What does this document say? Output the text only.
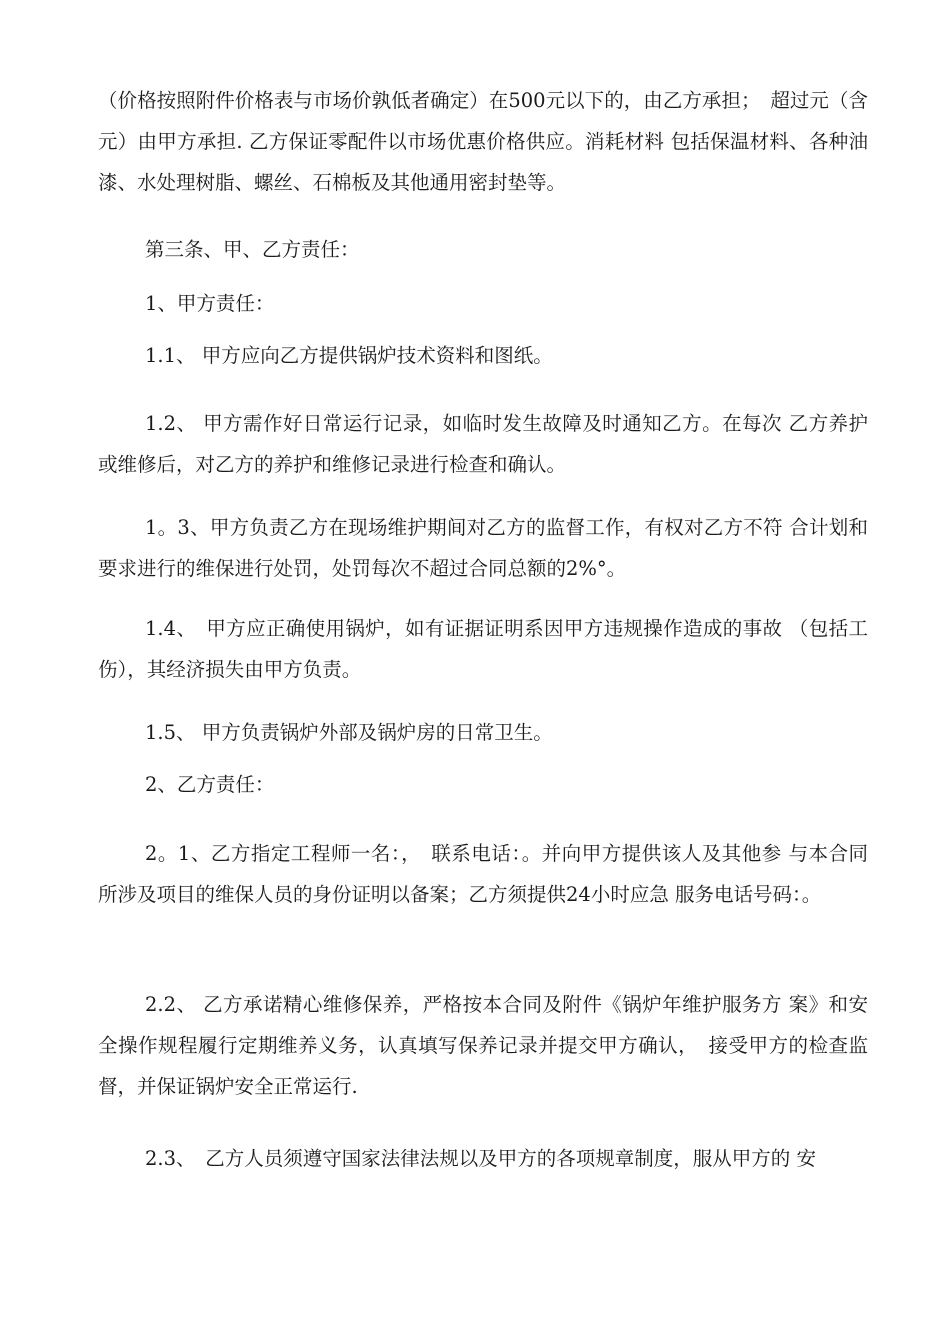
（价格按照附件价格表与市场价孰低者确定）在500元以下的，由乙方承担；　超过元（含元）由甲方承担. 乙方保证零配件以市场优惠价格供应。消耗材料 包括保温材料、各种油漆、水处理树脂、螺丝、石棉板及其他通用密封垫等。

第三条、甲、乙方责任：

1、甲方责任：

1.1、 甲方应向乙方提供锅炉技术资料和图纸。

1.2、 甲方需作好日常运行记录，如临时发生故障及时通知乙方。在每次 乙方养护或维修后，对乙方的养护和维修记录进行检查和确认。

1。3、甲方负责乙方在现场维护期间对乙方的监督工作，有权对乙方不符 合计划和要求进行的维保进行处罚，处罚每次不超过合同总额的2%°。

1.4、　甲方应正确使用锅炉，如有证据证明系因甲方违规操作造成的事故 （包括工伤），其经济损失由甲方负责。

1.5、 甲方负责锅炉外部及锅炉房的日常卫生。

2、乙方责任：

2。1、乙方指定工程师一名：，　联系电话：。并向甲方提供该人及其他参 与本合同所涉及项目的维保人员的身份证明以备案；乙方须提供24小时应急 服务电话号码：。

2.2、 乙方承诺精心维修保养，严格按本合同及附件《锅炉年维护服务方 案》和安全操作规程履行定期维养义务，认真填写保养记录并提交甲方确认，　接受甲方的检查监督，并保证锅炉安全正常运行.

2.3、　乙方人员须遵守国家法律法规以及甲方的各项规章制度，服从甲方的 安
